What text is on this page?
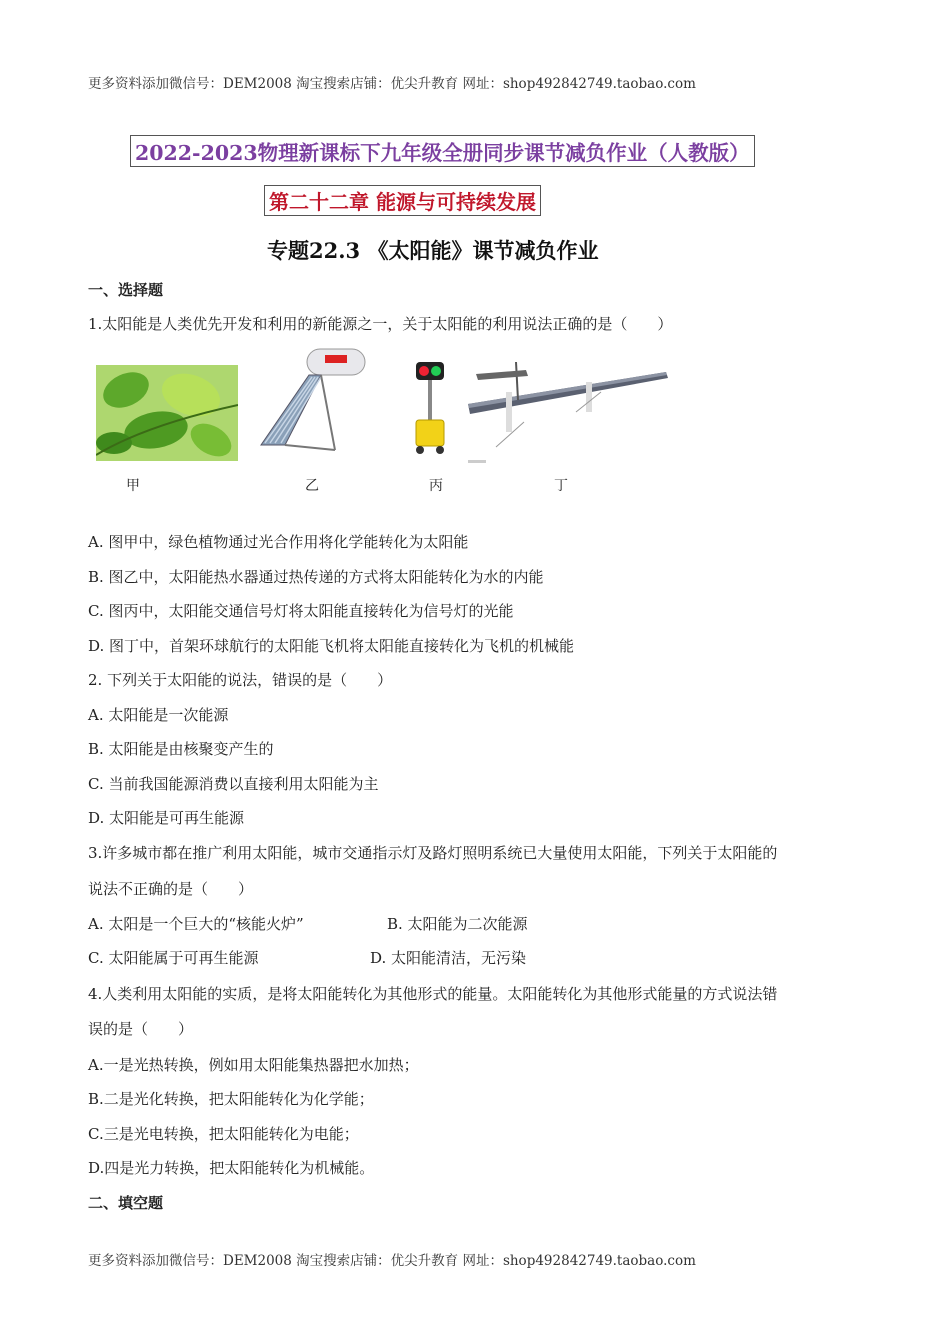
更多资料添加微信号：DEM2008 淘宝搜索店铺：优尖升教育 网址：shop492842749.taobao.com
2022-2023物理新课标下九年级全册同步课节减负作业（人教版）
第二十二章 能源与可持续发展
专题22.3 《太阳能》课节减负作业
一、选择题
1.太阳能是人类优先开发和利用的新能源之一，关于太阳能的利用说法正确的是（　　）
甲	乙	丙	丁
A. 图甲中，绿色植物通过光合作用将化学能转化为太阳能
B. 图乙中，太阳能热水器通过热传递的方式将太阳能转化为水的内能
C. 图丙中，太阳能交通信号灯将太阳能直接转化为信号灯的光能
D. 图丁中，首架环球航行的太阳能飞机将太阳能直接转化为飞机的机械能
2. 下列关于太阳能的说法，错误的是（　　）
A. 太阳能是一次能源
B. 太阳能是由核聚变产生的
C. 当前我国能源消费以直接利用太阳能为主
D. 太阳能是可再生能源
3.许多城市都在推广利用太阳能，城市交通指示灯及路灯照明系统已大量使用太阳能，下列关于太阳能的
说法不正确的是（　　）
A. 太阳是一个巨大的“核能火炉”	B. 太阳能为二次能源
C. 太阳能属于可再生能源	D. 太阳能清洁，无污染
4.人类利用太阳能的实质，是将太阳能转化为其他形式的能量。太阳能转化为其他形式能量的方式说法错
误的是（　　）
A.一是光热转换，例如用太阳能集热器把水加热；
B.二是光化转换，把太阳能转化为化学能；
C.三是光电转换，把太阳能转化为电能；
D.四是光力转换，把太阳能转化为机械能。
二、填空题
更多资料添加微信号：DEM2008 淘宝搜索店铺：优尖升教育 网址：shop492842749.taobao.com
